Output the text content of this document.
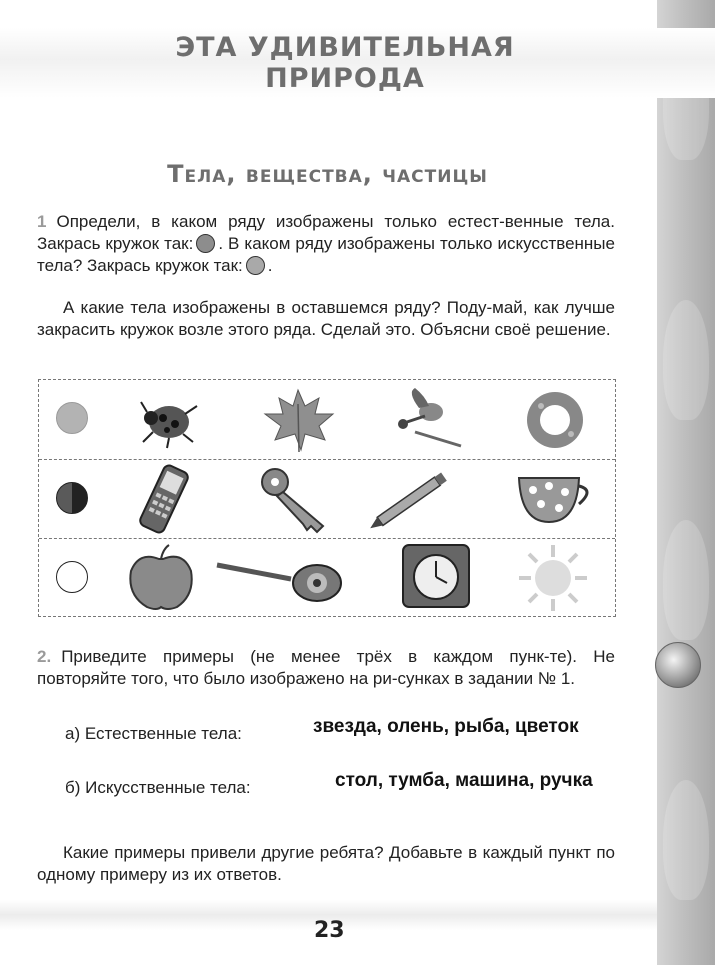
ЭТА УДИВИТЕЛЬНАЯ
ПРИРОДА
Тела, вещества, частицы
1 Определи, в каком ряду изображены только естест-венные тела. Закрась кружок так: . В каком ряду изображены только искусственные тела? Закрась кружок так: .
А какие тела изображены в оставшемся ряду? Поду-май, как лучше закрасить кружок возле этого ряда. Сделай это. Объясни своё решение.
2. Приведите примеры (не менее трёх в каждом пунк-те). Не повторяйте того, что было изображено на ри-сунках в задании № 1.
а) Естественные тела:	звезда, олень, рыба, цветок
б) Искусственные тела:	стол, тумба, машина, ручка
Какие примеры привели другие ребята? Добавьте в каждый пункт по одному примеру из их ответов.
23
